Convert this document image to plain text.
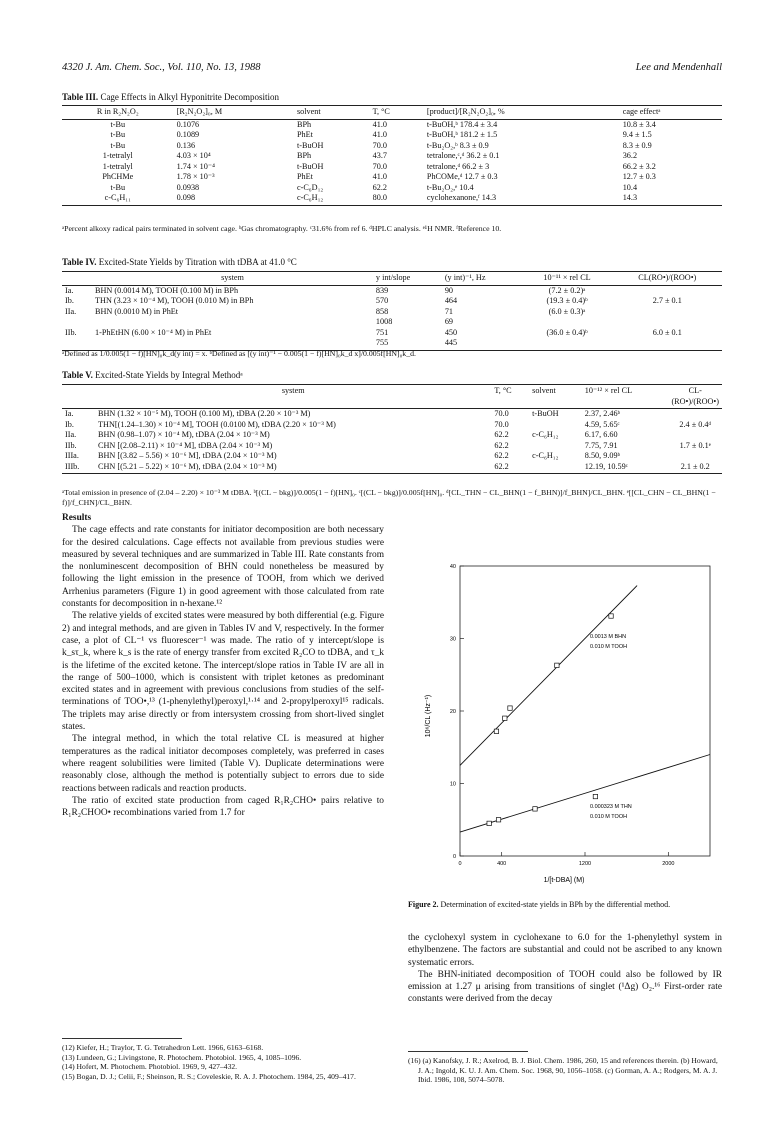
4320 J. Am. Chem. Soc., Vol. 110, No. 13, 1988	Lee and Mendenhall
Table III. Cage Effects in Alkyl Hyponitrite Decomposition
R in R₂N₂O₂	[R₂N₂O₂]₀, M	solvent	T, °C	[product]/[R₂N₂O₂]₀, %	cage effectᵃ
t-Bu	0.1076	BPh	41.0	t-BuOH,ᵇ 178.4 ± 3.4	10.8 ± 3.4
t-Bu	0.1089	PhEt	41.0	t-BuOH,ᵇ 181.2 ± 1.5	9.4 ± 1.5
t-Bu	0.136	t-BuOH	70.0	t-Bu₂O₂,ᵇ 8.3 ± 0.9	8.3 ± 0.9
1-tetralyl	4.03 × 10⁴	BPh	43.7	tetralone,ᶜ,ᵈ 36.2 ± 0.1	36.2
1-tetralyl	1.74 × 10⁻⁴	t-BuOH	70.0	tetralone,ᵈ 66.2 ± 3	66.2 ± 3.2
PhCHMe	1.78 × 10⁻³	PhEt	41.0	PhCOMe,ᵈ 12.7 ± 0.3	12.7 ± 0.3
t-Bu	0.0938	c-C₆D₁₂	62.2	t-Bu₂O₂,ᵉ 10.4	10.4
c-C₆H₁₁	0.098	c-C₆H₁₂	80.0	cyclohexanone,ᶠ 14.3	14.3
ᵃPercent alkoxy radical pairs terminated in solvent cage. ᵇGas chromatography. ᶜ31.6% from ref 6. ᵈHPLC analysis. ᵉ¹H NMR. ᶠReference 10.
Table IV. Excited-State Yields by Titration with tDBA at 41.0 °C
	system	y int/slope	(y int)⁻¹, Hz	10⁻¹¹ × rel CL	CL(RO•)/(ROO•)
Ia.	BHN (0.0014 M), TOOH (0.100 M) in BPh	839	90	(7.2 ± 0.2)ᵃ	
Ib.	THN (3.23 × 10⁻⁴ M), TOOH (0.010 M) in BPh	570	464	(19.3 ± 0.4)ᵇ	2.7 ± 0.1
IIa.	BHN (0.0010 M) in PhEt	858	71	(6.0 ± 0.3)ᵃ	
		1008	69		
IIb.	1-PhEtHN (6.00 × 10⁻⁴ M) in PhEt	751	450	(36.0 ± 0.4)ᵇ	6.0 ± 0.1
		755	445		
ᵃDefined as 1/0.005(1 − f)[HN]₀k_d(y int) = x. ᵇDefined as [(y int)⁻¹ − 0.005(1 − f)[HN]₀k_d x]/0.005f[HN]₀k_d.
Table V. Excited-State Yields by Integral Methodᵃ
	system	T, °C	solvent	10⁻¹² × rel CL	CL-(RO•)/(ROO•)
Ia.	BHN (1.32 × 10⁻⁵ M), TOOH (0.100 M), tDBA (2.20 × 10⁻³ M)	70.0	t-BuOH	2.37, 2.46ᵇ	
Ib.	THN[(1.24–1.30) × 10⁻⁴ M], TOOH (0.0100 M), tDBA (2.20 × 10⁻³ M)	70.0		4.59, 5.65ᶜ	2.4 ± 0.4ᵈ
IIa.	BHN (0.98–1.07) × 10⁻⁴ M), tDBA (2.04 × 10⁻³ M)	62.2	c-C₆H₁₂	6.17, 6.60	
IIb.	CHN [(2.08–2.11) × 10⁻⁴ M], tDBA (2.04 × 10⁻³ M)	62.2		7.75, 7.91	1.7 ± 0.1ᵉ
IIIa.	BHN [(3.82 – 5.56) × 10⁻⁶ M], tDBA (2.04 × 10⁻³ M)	62.2	c-C₆H₁₂	8.50, 9.09ᵇ	
IIIb.	CHN [(5.21 – 5.22) × 10⁻⁶ M), tDBA (2.04 × 10⁻³ M)	62.2		12.19, 10.59ᶜ	2.1 ± 0.2
ᵃTotal emission in presence of (2.04 – 2.20) × 10⁻³ M tDBA. ᵇ[(CL − bkg)]/0.005(1 − f)[HN]₀. ᶜ[(CL − bkg)]/0.005f[HN]₀. ᵈ[CL_THN − CL_BHN(1 − f_BHN)]/f_BHN]/CL_BHN. ᵉ[[CL_CHN − CL_BHN(1 − f)]/f_CHN]/CL_BHN.
Results

The cage effects and rate constants for initiator decomposition are both necessary for the desired calculations. Cage effects not available from previous studies were measured by several techniques and are summarized in Table III. Rate constants from the nonluminescent decomposition of BHN could nonetheless be measured by following the light emission in the presence of TOOH, from which we derived Arrhenius parameters (Figure 1) in good agreement with those calculated from rate constants for decomposition in n-hexane.¹²

The relative yields of excited states were measured by both differential (e.g. Figure 2) and integral methods, and are given in Tables IV and V, respectively. In the former case, a plot of CL⁻¹ vs fluorescer⁻¹ was made. The ratio of y intercept/slope is k_sτ_k, where k_s is the rate of energy transfer from excited R₂CO to tDBA, and τ_k is the lifetime of the excited ketone. The intercept/slope ratios in Table IV are all in the range of 500–1000, which is consistent with triplet ketones as predominant excited states and in agreement with previous conclusions from studies of the self-terminations of TOO•,¹³ (1-phenylethyl)peroxyl,¹·¹⁴ and 2-propylperoxyl¹⁵ radicals. The triplets may arise directly or from intersystem crossing from short-lived singlet states.

The integral method, in which the total relative CL is measured at higher temperatures as the radical initiator decomposes completely, was preferred in cases where reagent solubilities were limited (Table V). Duplicate determinations were reasonably close, although the method is potentially subject to errors due to side reactions between radicals and reaction products.

The ratio of excited state production from caged R₁R₂CHO• pairs relative to R₁R₂CHOO• recombinations varied from 1.7 for

(12) Kiefer, H.; Traylor, T. G. Tetrahedron Lett. 1966, 6163–6168.

(13) Lundeen, G.; Livingstone, R. Photochem. Photobiol. 1965, 4, 1085–1096.

(14) Hofert, M. Photochem. Photobiol. 1969, 9, 427–432.

(15) Bogan, D. J.; Celii, F.; Sheinson, R. S.; Coveleskie, R. A. J. Photochem. 1984, 25, 409–417.

0
10
20
30
40
0	400	1200	2000
10⁶/CL (Hz⁻¹)
1/[t-DBA] (M)
0.0013 M BHN
0.010 M TOOH
0.000323 M THN
0.010 M TOOH
Figure 2. Determination of excited-state yields in BPh by the differential method.

the cyclohexyl system in cyclohexane to 6.0 for the 1-phenylethyl system in ethylbenzene. The factors are substantial and could not be ascribed to any known systematic errors.

The BHN-initiated decomposition of TOOH could also be followed by IR emission at 1.27 μ arising from transitions of singlet (¹Δg) O₂.¹⁶ First-order rate constants were derived from the decay

(16) (a) Kanofsky, J. R.; Axelrod, B. J. Biol. Chem. 1986, 260, 15 and references therein. (b) Howard, J. A.; Ingold, K. U. J. Am. Chem. Soc. 1968, 90, 1056–1058. (c) Gorman, A. A.; Rodgers, M. A. J. Ibid. 1986, 108, 5074–5078.
